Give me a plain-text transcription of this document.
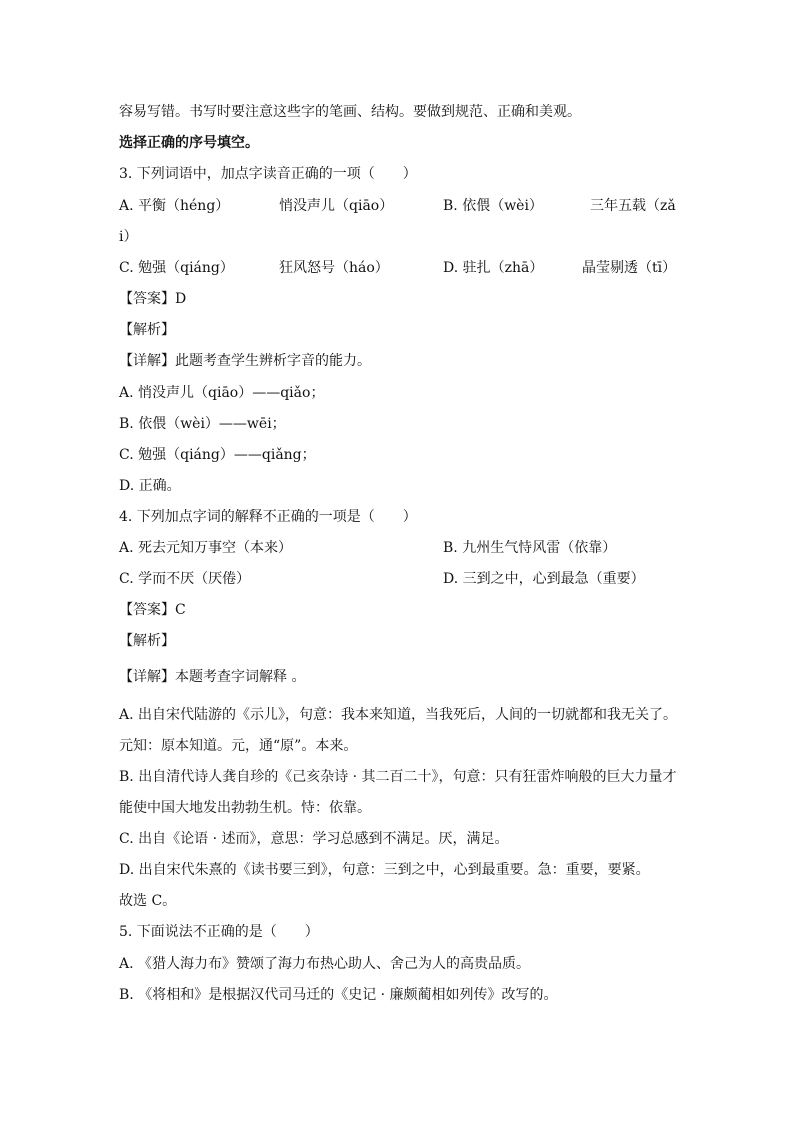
容易写错。书写时要注意这些字的笔画、结构。要做到规范、正确和美观。
选择正确的序号填空。
3. 下列词语中，加点字读音正确的一项（　　）
A. 平衡（héng）	悄没声儿（qiāo）	B. 依偎（wèi）	三年五载（zǎ
i）
C. 勉强（qiáng）	狂风怒号（háo）	D. 驻扎（zhā）	晶莹剔透（tī）
【答案】D
【解析】
【详解】此题考查学生辨析字音的能力。
A. 悄没声儿（qiāo）——qiǎo；
B. 依偎（wèi）——wēi；
C. 勉强（qiáng）——qiǎng；
D. 正确。
4. 下列加点字词的解释不正确的一项是（　　）
A. 死去元知万事空（本来）	B. 九州生气恃风雷（依靠）
C. 学而不厌（厌倦）	D. 三到之中，心到最急（重要）
【答案】C
【解析】
【详解】本题考查字词解释 。
A. 出自宋代陆游的《示儿》，句意：我本来知道，当我死后，人间的一切就都和我无关了。
元知：原本知道。元，通“原”。本来。
B. 出自清代诗人龚自珍的《己亥杂诗 · 其二百二十》，句意：只有狂雷炸响般的巨大力量才
能使中国大地发出勃勃生机。恃：依靠。
C. 出自《论语 · 述而》，意思：学习总感到不满足。厌，满足。
D. 出自宋代朱熹的《读书要三到》，句意：三到之中，心到最重要。急：重要，要紧。
故选 C。
5. 下面说法不正确的是（　　）
A. 《猎人海力布》赞颂了海力布热心助人、舍己为人的高贵品质。
B. 《将相和》是根据汉代司马迁的《史记 · 廉颇蔺相如列传》改写的。
